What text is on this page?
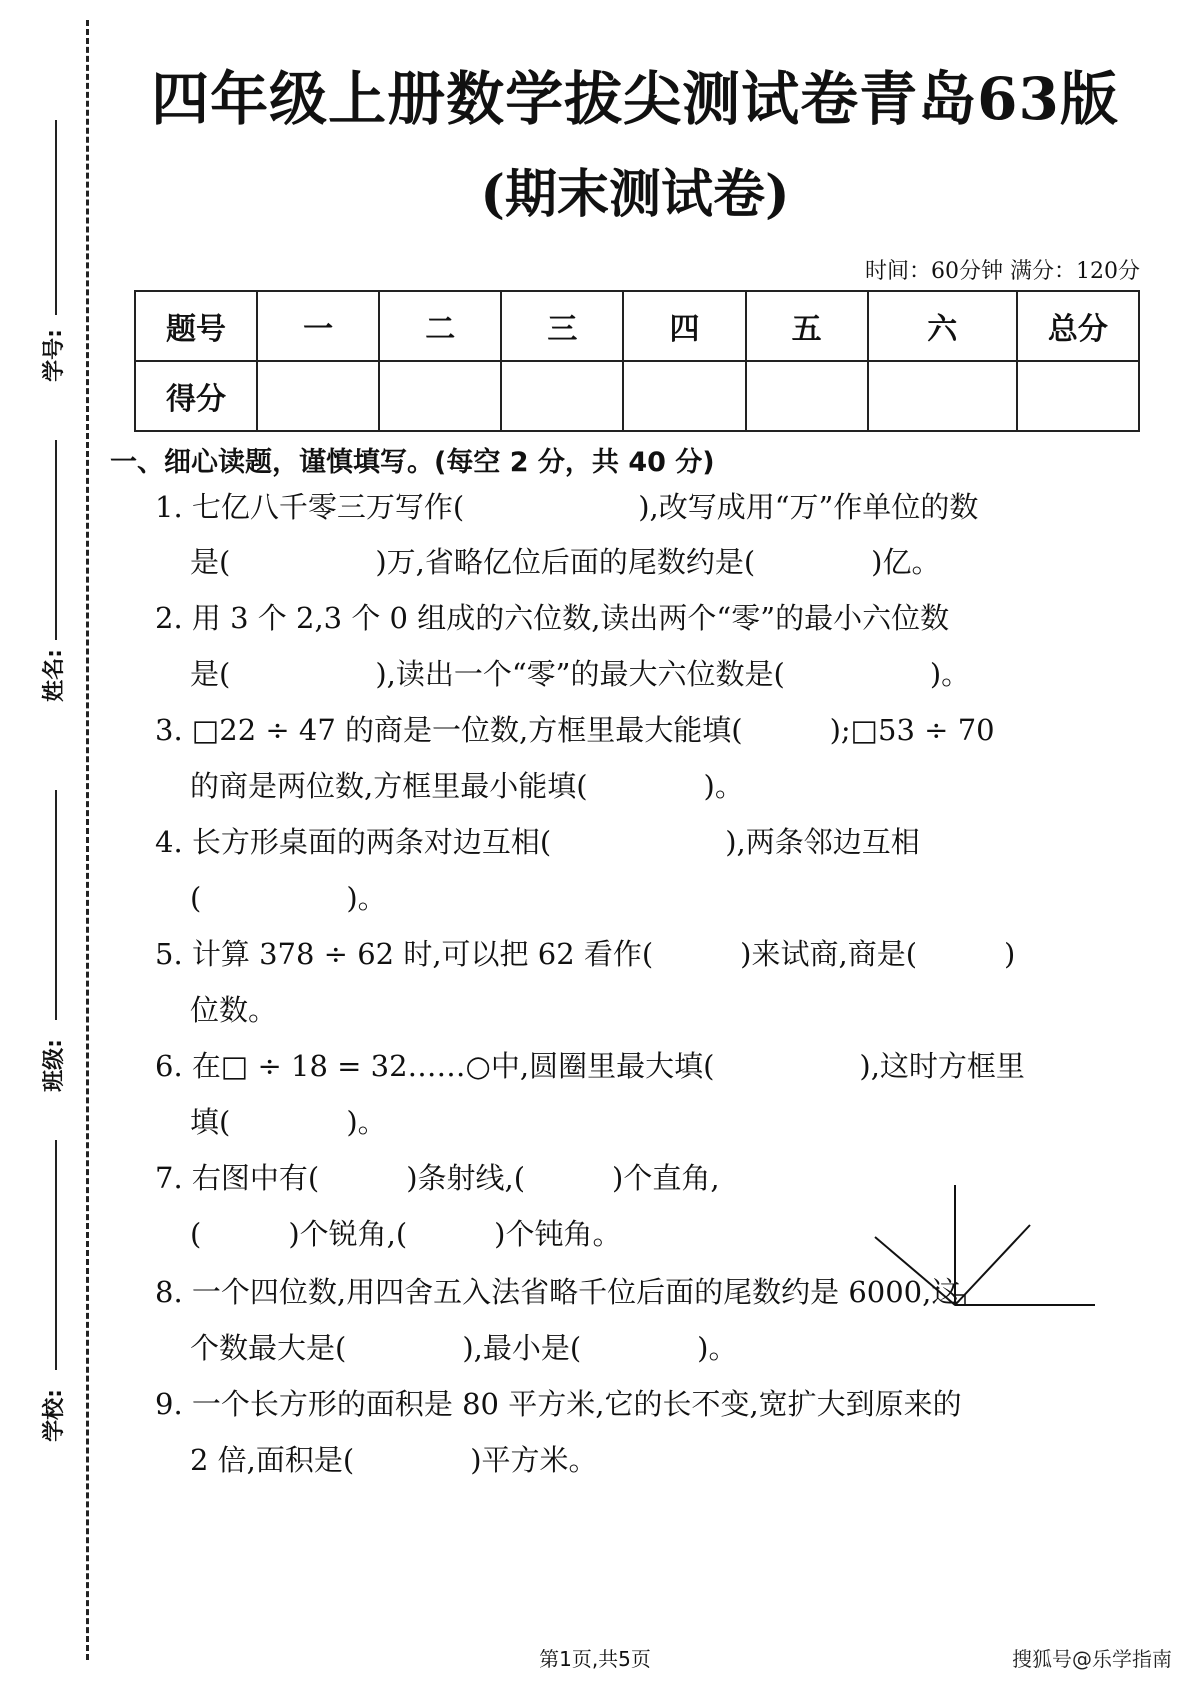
学号:
姓名:
班级:
学校:
四年级上册数学拔尖测试卷青岛63版
(期末测试卷)
时间：60分钟 满分：120分
题号	一	二	三	四	五	六	总分
得分							
一、细心读题，谨慎填写。(每空 2 分，共 40 分)
1. 七亿八千零三万写作(　　　　　　),改写成用“万”作单位的数
是(　　　　　)万,省略亿位后面的尾数约是(　　　　)亿。
2. 用 3 个 2,3 个 0 组成的六位数,读出两个“零”的最小六位数
是(　　　　　),读出一个“零”的最大六位数是(　　　　　)。
3. □22 ÷ 47 的商是一位数,方框里最大能填(　　　);□53 ÷ 70
的商是两位数,方框里最小能填(　　　　)。
4. 长方形桌面的两条对边互相(　　　　　　),两条邻边互相
(　　　　　)。
5. 计算 378 ÷ 62 时,可以把 62 看作(　　　)来试商,商是(　　　)
位数。
6. 在□ ÷ 18 = 32……○中,圆圈里最大填(　　　　　),这时方框里
填(　　　　)。
7. 右图中有(　　　)条射线,(　　　)个直角,
(　　　)个锐角,(　　　)个钝角。
8. 一个四位数,用四舍五入法省略千位后面的尾数约是 6000,这
个数最大是(　　　　),最小是(　　　　)。
9. 一个长方形的面积是 80 平方米,它的长不变,宽扩大到原来的
2 倍,面积是(　　　　)平方米。
第1页,共5页	搜狐号@乐学指南
